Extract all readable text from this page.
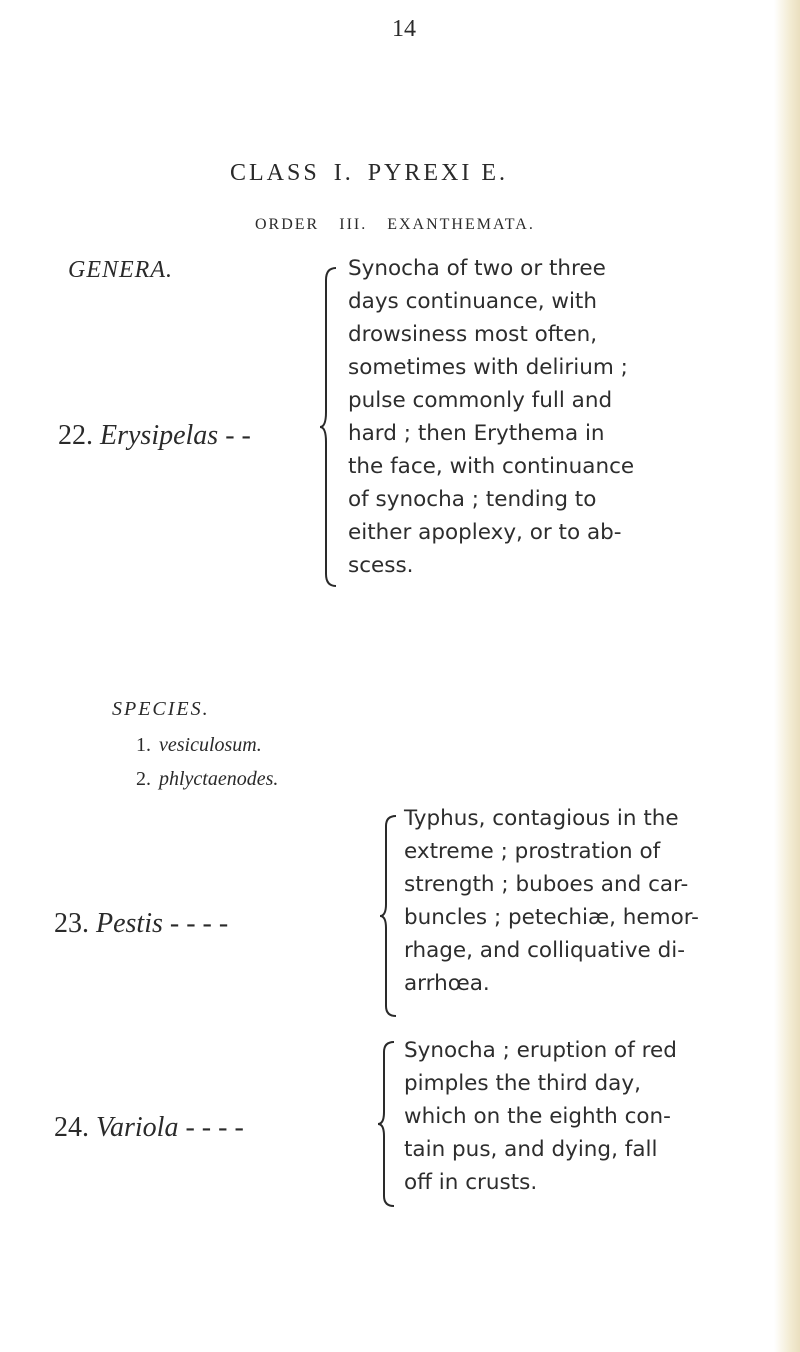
14
CLASS I. PYREXI E.
ORDER III. EXANTHEMATA.
GENERA.
22. Erysipelas - -
Synocha of two or three
days continuance, with
drowsiness most often,
sometimes with delirium ;
pulse commonly full and
hard ; then Erythema in
the face, with continuance
of synocha ; tending to
either apoplexy, or to ab-
scess.
SPECIES.
1. vesiculosum.
2. phlyctaenodes.
23. Pestis - - - -
Typhus, contagious in the
extreme ; prostration of
strength ; buboes and car-
buncles ; petechiæ, hemor-
rhage, and colliquative di-
arrhœa.
24. Variola - - - -
Synocha ; eruption of red
pimples the third day,
which on the eighth con-
tain pus, and dying, fall
off in crusts.
